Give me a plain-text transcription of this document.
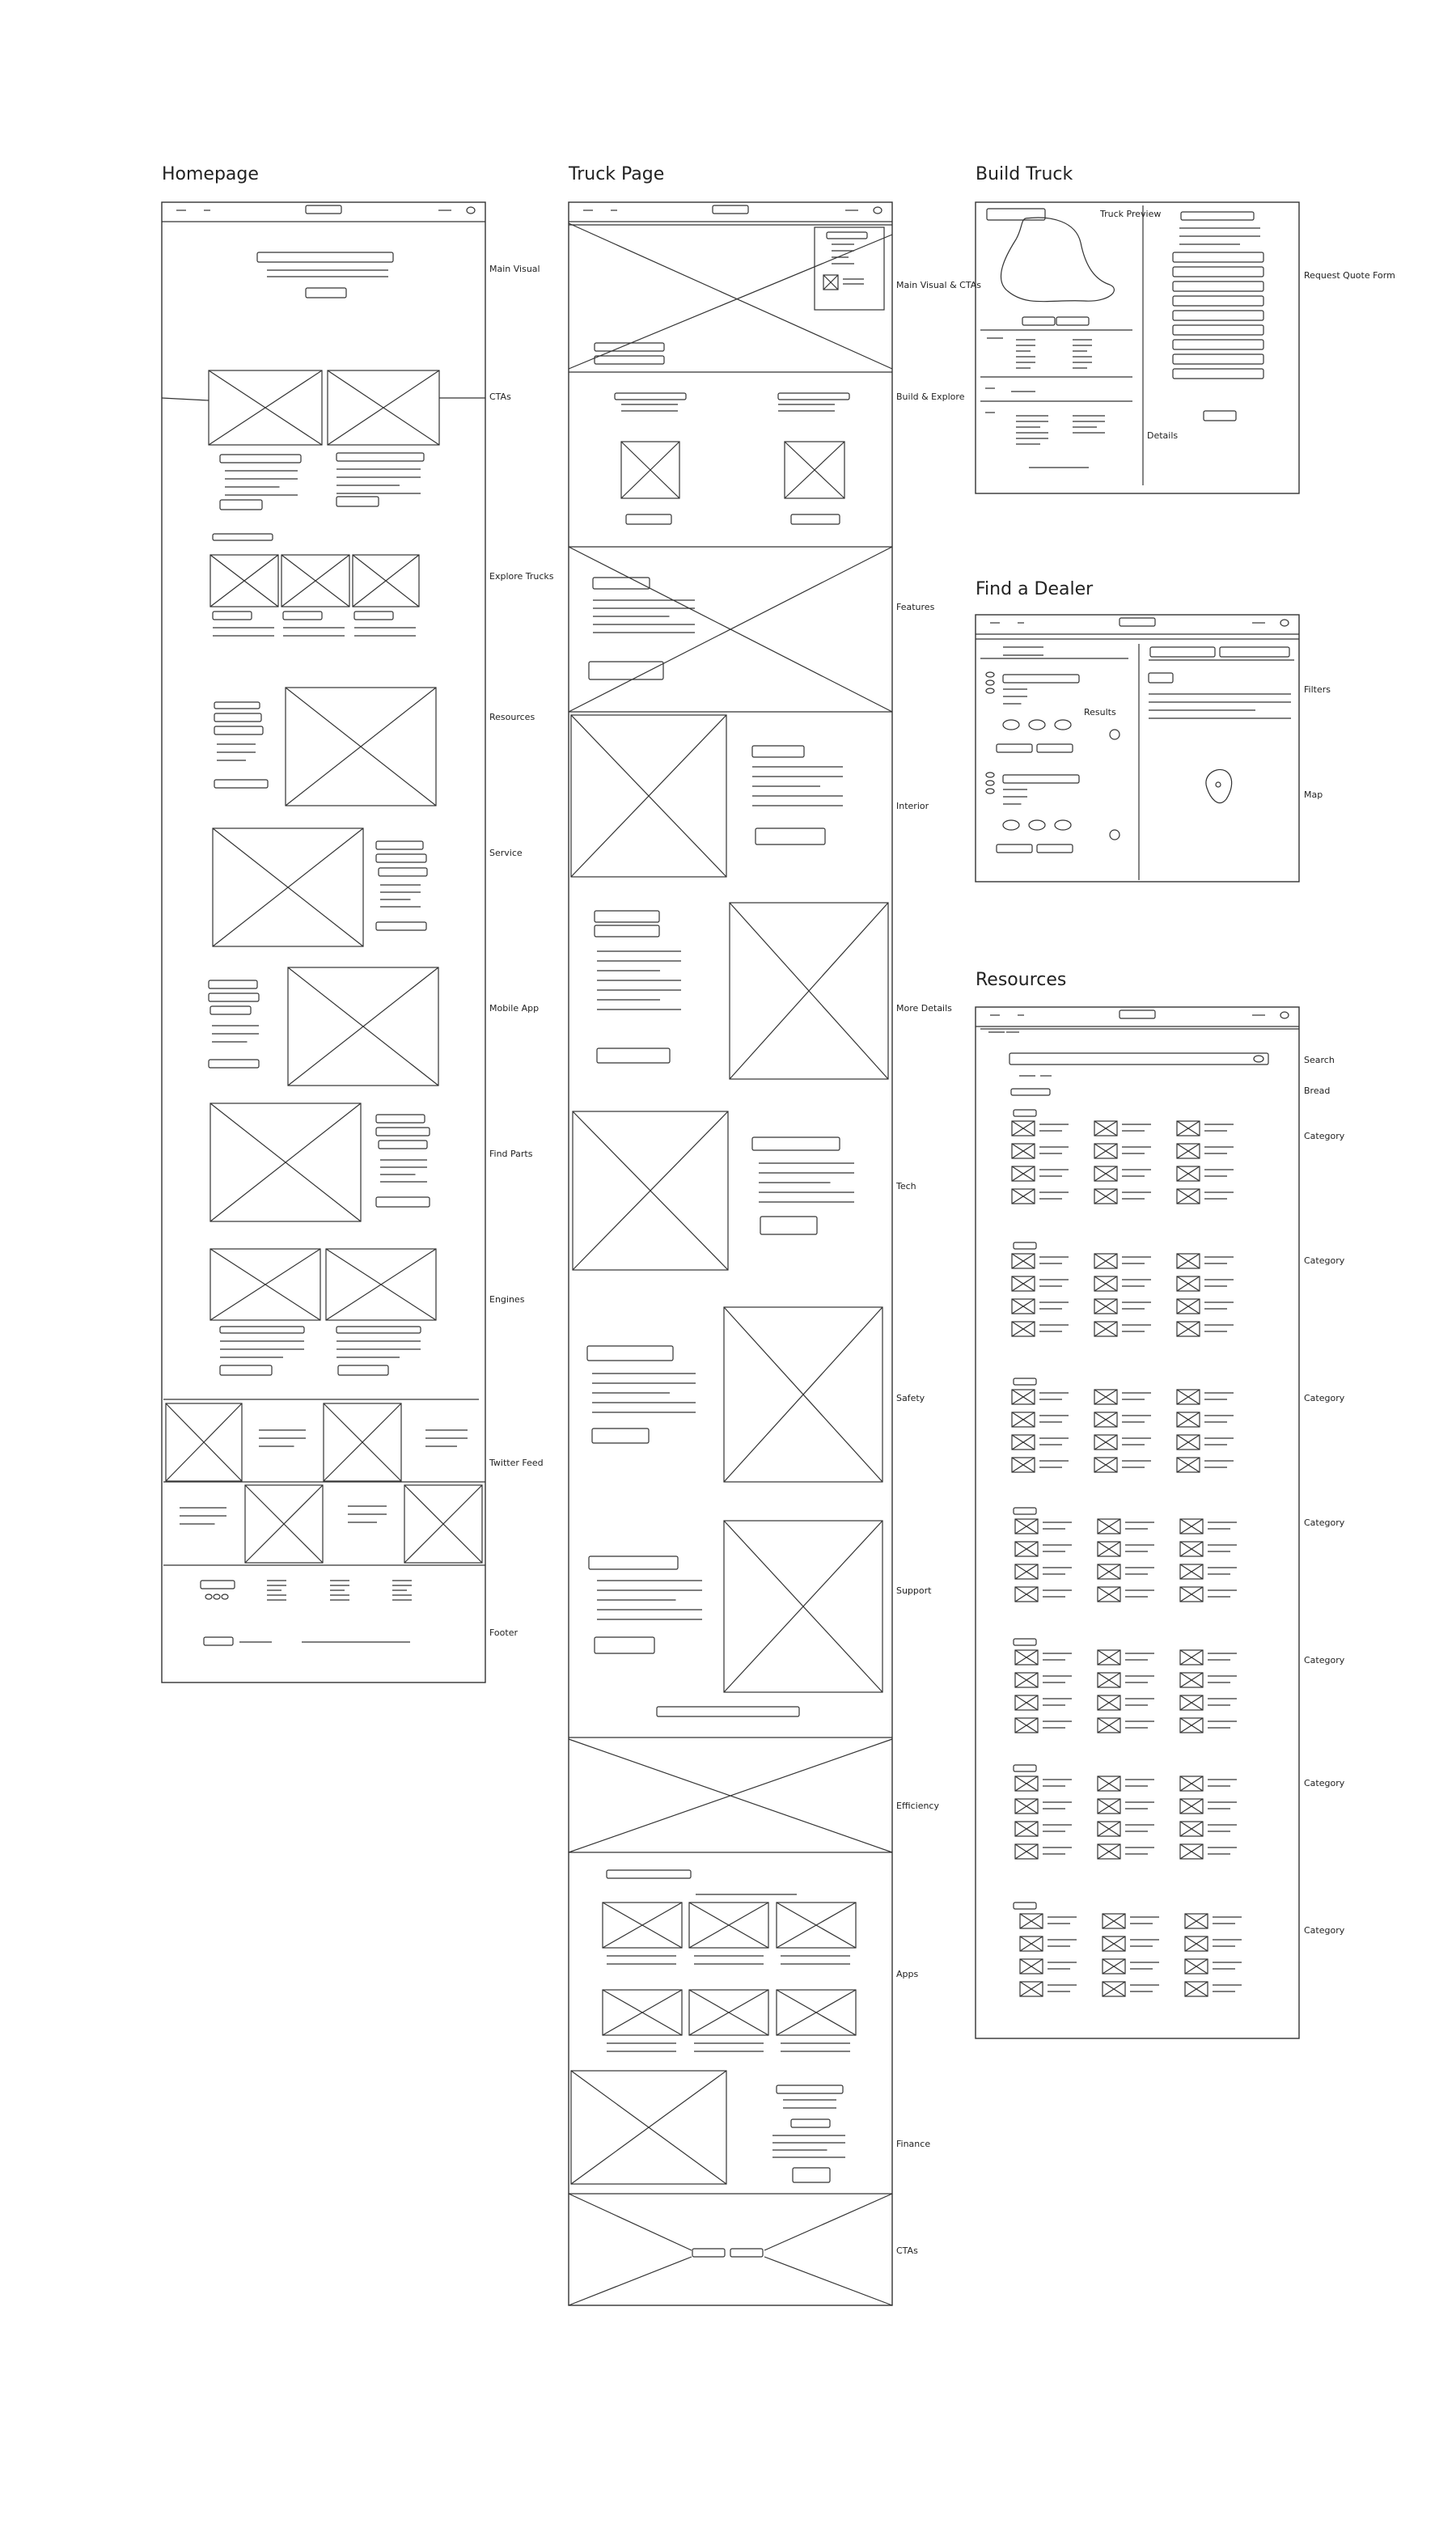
Homepage	Truck Page	Build Truck
Find a Dealer
Resources
Main Visual
CTAs
Explore Trucks
Resources
Service
Mobile App
Find Parts
Engines
Twitter Feed
Footer
Main Visual & CTAs
Build & Explore
Features
Interior
More Details
Tech
Safety
Support
Efficiency
Apps
Finance
CTAs
Truck Preview
Request Quote Form
Details
Results
Filters
Map
Search
Bread
Category
Category
Category
Category
Category
Category
Category
